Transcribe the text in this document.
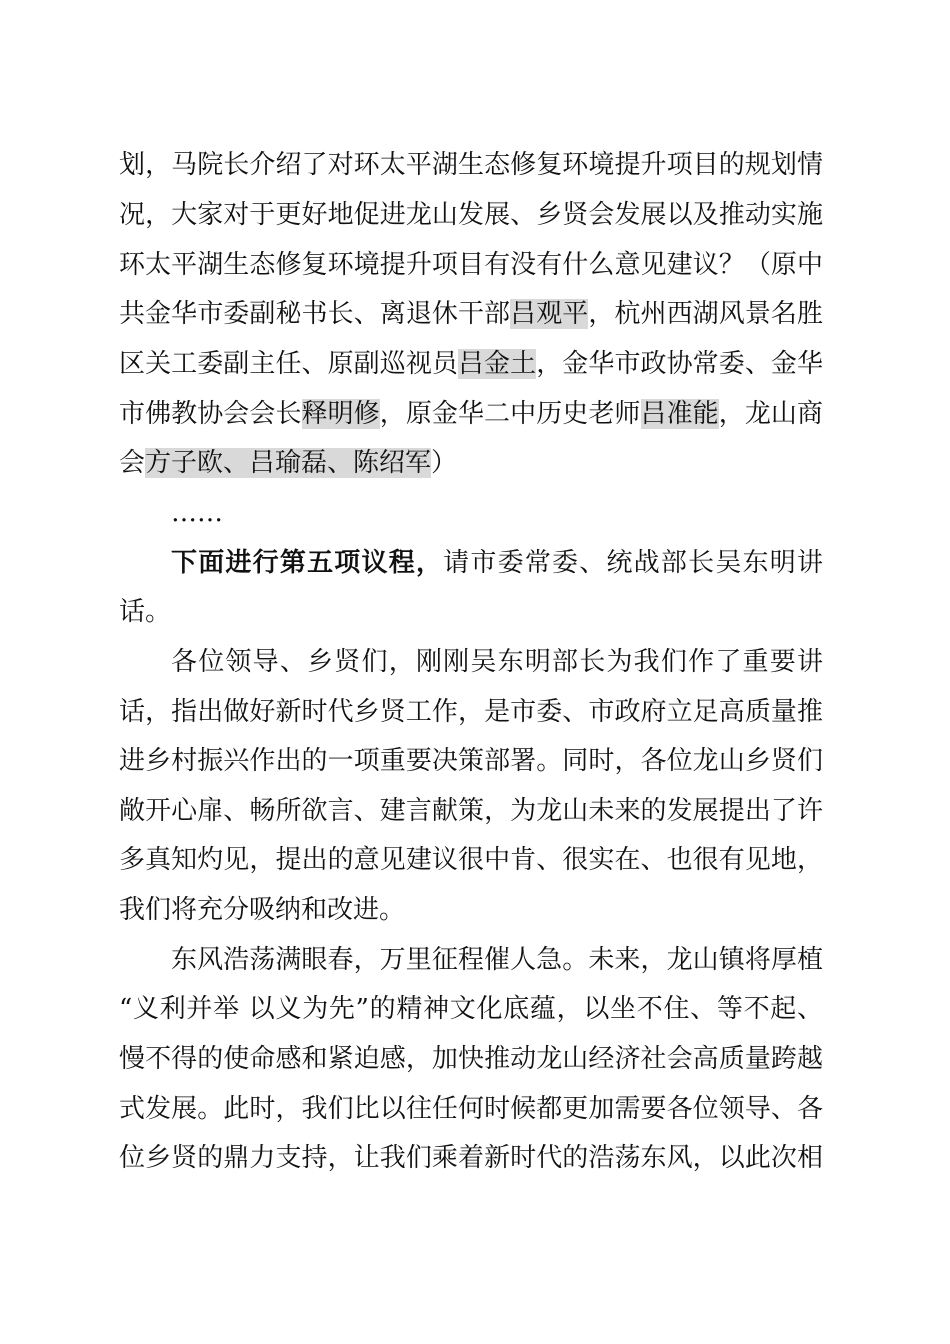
划，马院长介绍了对环太平湖生态修复环境提升项目的规划情
况，大家对于更好地促进龙山发展、乡贤会发展以及推动实施
环太平湖生态修复环境提升项目有没有什么意见建议？（原中
共金华市委副秘书长、离退休干部吕观平，杭州西湖风景名胜
区关工委副主任、原副巡视员吕金土，金华市政协常委、金华
市佛教协会会长释明修，原金华二中历史老师吕准能，龙山商
会方子欧、吕瑜磊、陈绍军）
……
下面进行第五项议程，请市委常委、统战部长吴东明讲
话。
各位领导、乡贤们，刚刚吴东明部长为我们作了重要讲
话，指出做好新时代乡贤工作，是市委、市政府立足高质量推
进乡村振兴作出的一项重要决策部署。同时，各位龙山乡贤们
敞开心扉、畅所欲言、建言献策，为龙山未来的发展提出了许
多真知灼见，提出的意见建议很中肯、很实在、也很有见地，
我们将充分吸纳和改进。
东风浩荡满眼春，万里征程催人急。未来，龙山镇将厚植
“义利并举 以义为先”的精神文化底蕴，以坐不住、等不起、
慢不得的使命感和紧迫感，加快推动龙山经济社会高质量跨越
式发展。此时，我们比以往任何时候都更加需要各位领导、各
位乡贤的鼎力支持，让我们乘着新时代的浩荡东风，以此次相
